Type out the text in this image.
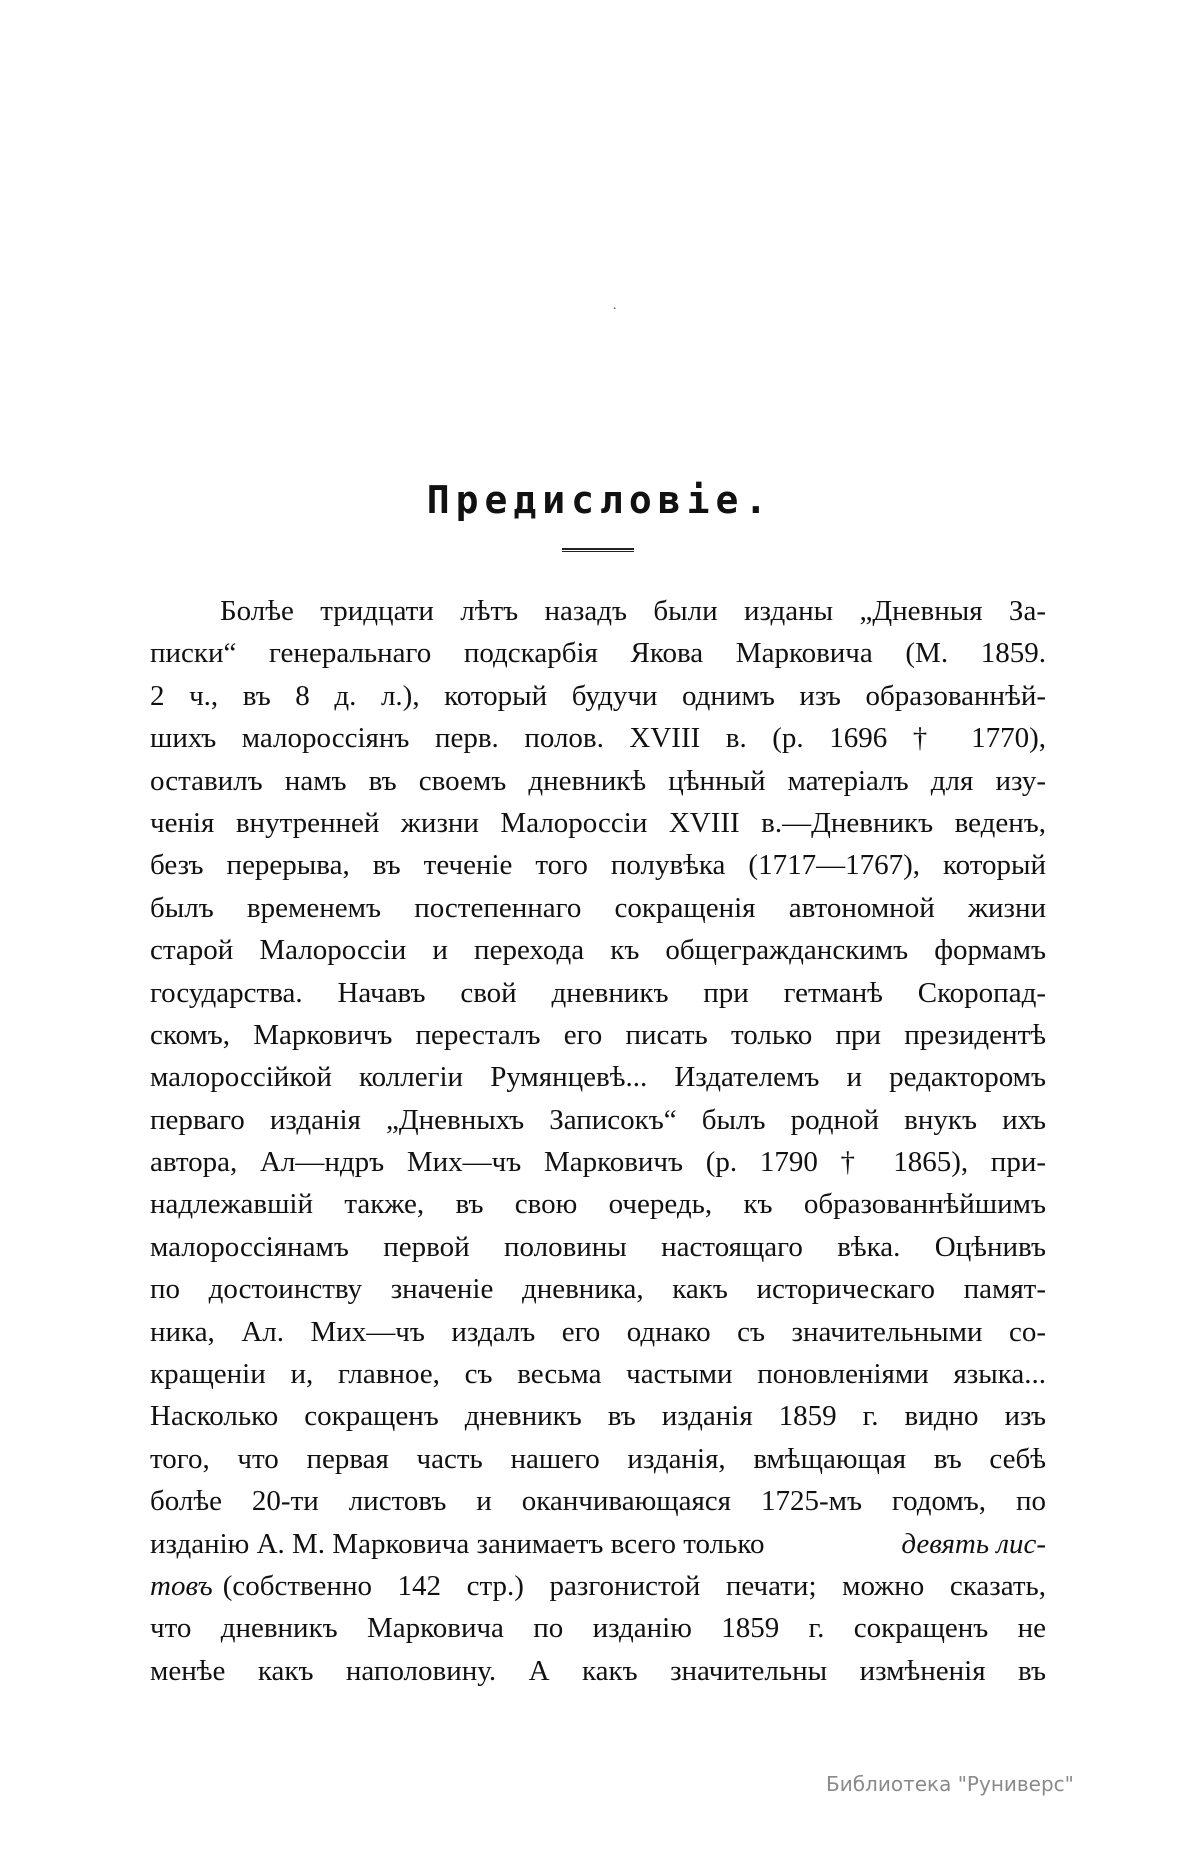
˙
Предисловіе.
Болѣе тридцати лѣтъ назадъ были изданы „Дневныя За-
писки“ генеральнаго подскарбія Якова Марковича (М. 1859.
2 ч., въ 8 д. л.), который будучи однимъ изъ образованнѣй-
шихъ малороссіянъ перв. полов. XVIII в. (р. 1696 † 1770),
оставилъ намъ въ своемъ дневникѣ цѣнный матеріалъ для изу-
ченія внутренней жизни Малороссіи XVIII в.—Дневникъ веденъ,
безъ перерыва, въ теченіе того полувѣка (1717—1767), который
былъ временемъ постепеннаго сокращенія автономной жизни
старой Малороссіи и перехода къ общегражданскимъ формамъ
государства. Начавъ свой дневникъ при гетманѣ Скоропад-
скомъ, Марковичъ пересталъ его писать только при президентѣ
малороссійкой коллегіи Румянцевѣ... Издателемъ и редакторомъ
перваго изданія „Дневныхъ Записокъ“ былъ родной внукъ ихъ
автора, Ал—ндръ Мих—чъ Марковичъ (р. 1790 † 1865), при-
надлежавшій также, въ свою очередь, къ образованнѣйшимъ
малороссіянамъ первой половины настоящаго вѣка. Оцѣнивъ
по достоинству значеніе дневника, какъ историческаго памят-
ника, Ал. Мих—чъ издалъ его однако съ значительными со-
кращеніи и, главное, съ весьма частыми поновленіями языка...
Насколько сокращенъ дневникъ въ изданія 1859 г. видно изъ
того, что первая часть нашего изданія, вмѣщающая въ себѣ
болѣе 20-ти листовъ и оканчивающаяся 1725-мъ годомъ, по
изданію А. М. Марковича занимаетъ всего только	девять лис-
товъ (собственно 142 стр.) разгонистой печати; можно сказать,
что дневникъ Марковича по изданію 1859 г. сокращенъ не
менѣе какъ наполовину. А какъ значительны измѣненія въ
Библиотека "Руниверс"
